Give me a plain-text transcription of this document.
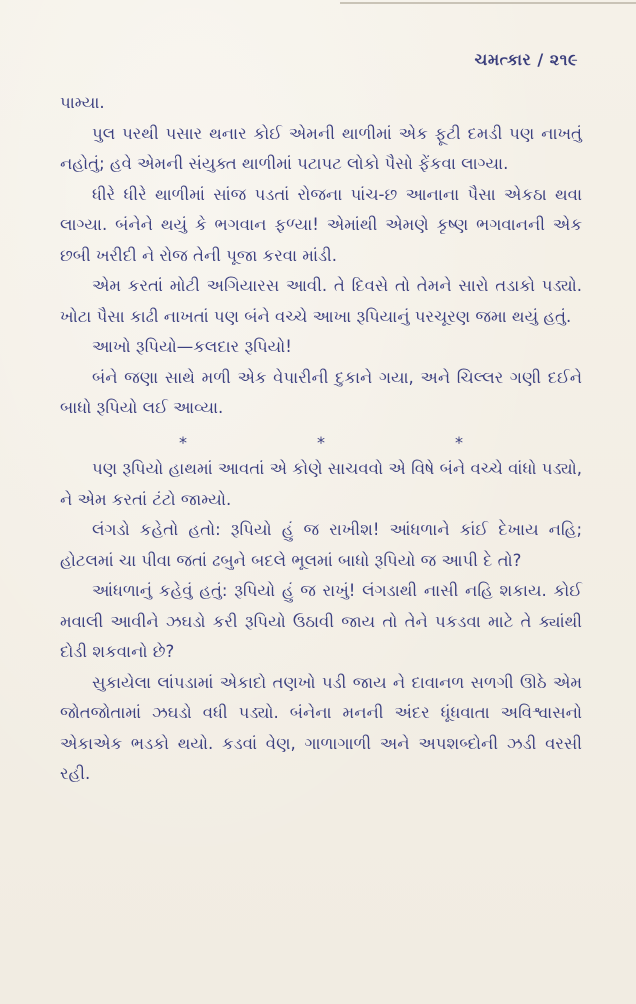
ચમત્કાર / ૨૧૯

પામ્યા.

પુલ પરથી પસાર થનાર કોઈ એમની થાળીમાં એક ફૂટી દમડી પણ નાખતું નહોતું; હવે એમની સંયુક્ત થાળીમાં પટાપટ લોકો પૈસો ફેંકવા લાગ્યા.

ધીરે ધીરે થાળીમાં સાંજ પડતાં રોજના પાંચ-છ આનાના પૈસા એકઠા થવા લાગ્યા. બંનેને થયું કે ભગવાન ફળ્યા! એમાંથી એમણે કૃષ્ણ ભગવાનની એક છબી ખરીદી ને રોજ તેની પૂજા કરવા માંડી.

એમ કરતાં મોટી અગિયારસ આવી. તે દિવસે તો તેમને સારો તડાકો પડ્યો. ખોટા પૈસા કાઢી નાખતાં પણ બંને વચ્ચે આખા રૂપિયાનું પરચૂરણ જમા થયું હતું.

આખો રૂપિયો—કલદાર રૂપિયો!

બંને જણા સાથે મળી એક વેપારીની દુકાને ગયા, અને ચિલ્લર ગણી દઈને બાધો રૂપિયો લઈ આવ્યા.

*	*	*

પણ રૂપિયો હાથમાં આવતાં એ કોણે સાચવવો એ વિષે બંને વચ્ચે વાંધો પડ્યો, ને એમ કરતાં ટંટો જામ્યો.

લંગડો કહેતો હતો: રૂપિયો હું જ રાખીશ! આંધળાને કાંઈ દેખાય નહિ; હોટલમાં ચા પીવા જતાં ઢબુને બદલે ભૂલમાં બાધો રૂપિયો જ આપી દે તો?

આંધળાનું કહેવું હતું: રૂપિયો હું જ રાખું! લંગડાથી નાસી નહિ શકાય. કોઈ મવાલી આવીને ઝઘડો કરી રૂપિયો ઉઠાવી જાય તો તેને પકડવા માટે તે ક્યાંથી દોડી શકવાનો છે?

સુકાયેલા લાંપડામાં એકાદો તણખો પડી જાય ને દાવાનળ સળગી ઊઠે એમ જોતજોતામાં ઝઘડો વધી પડ્યો. બંનેના મનની અંદર ધૂંધવાતા અવિશ્વાસનો એકાએક ભડકો થયો. કડવાં વેણ, ગાળાગાળી અને અપશબ્દોની ઝડી વરસી રહી.
